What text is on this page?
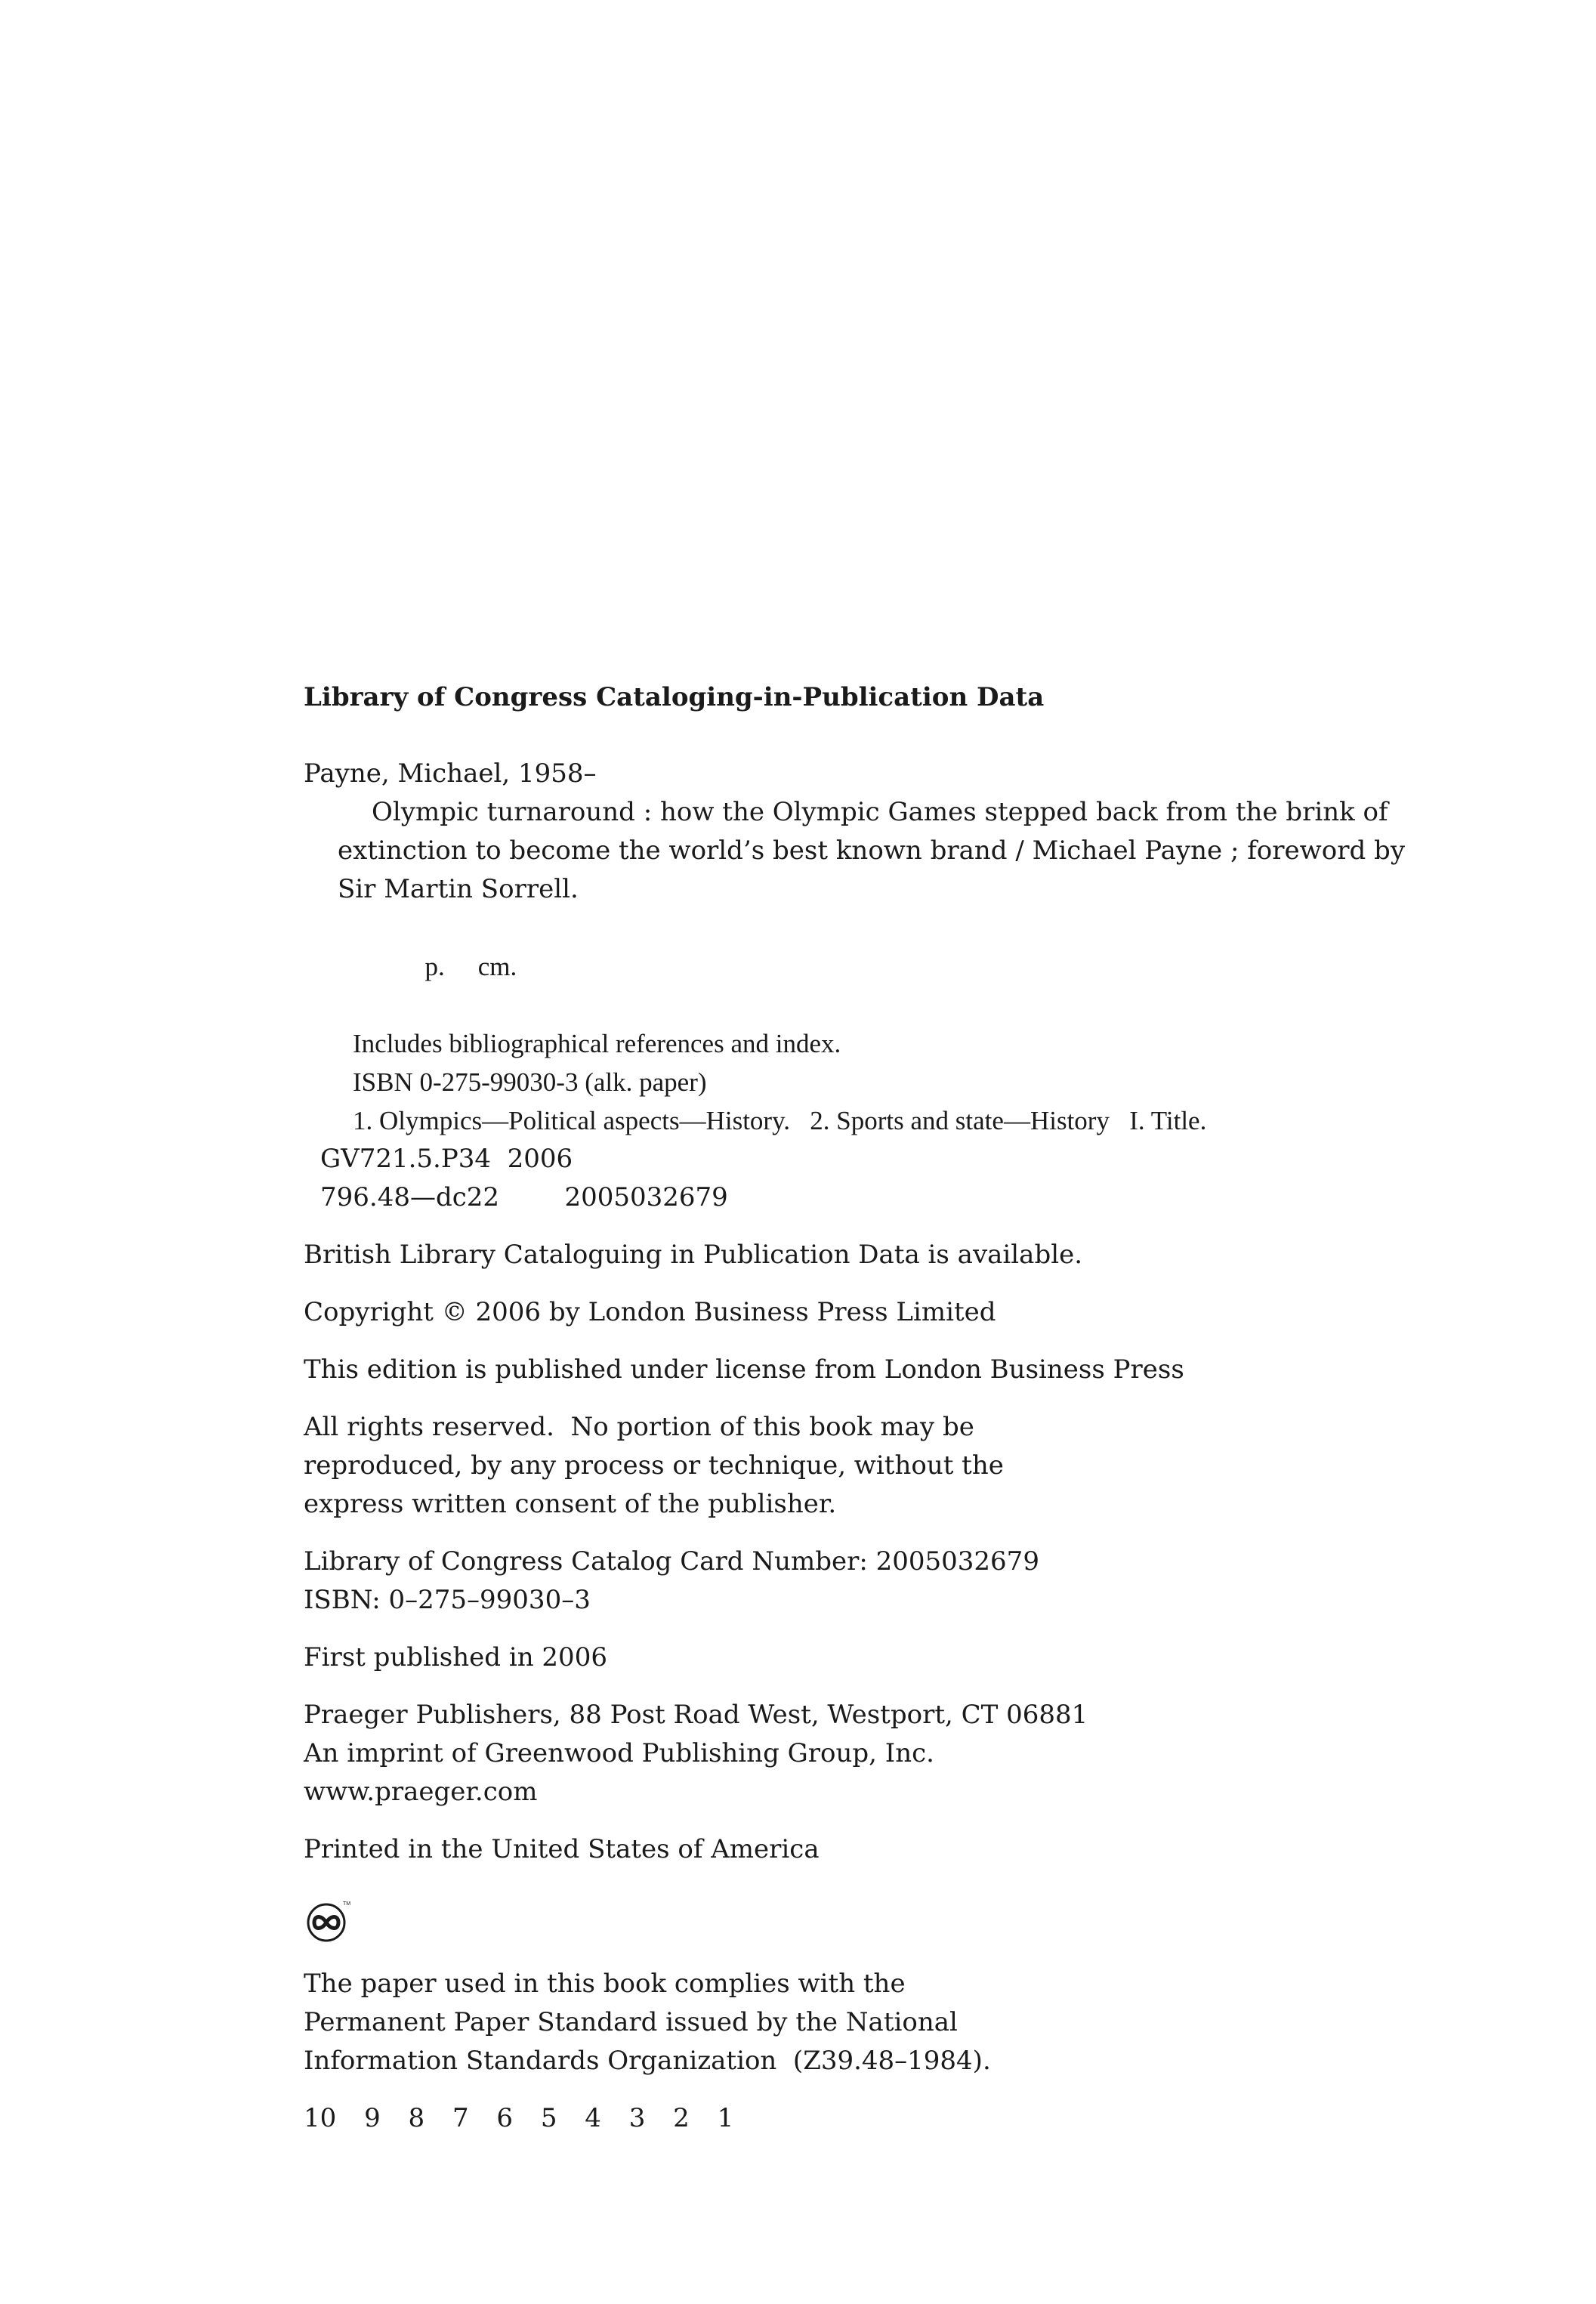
Library of Congress Cataloging-in-Publication Data
Payne, Michael, 1958–
Olympic turnaround : how the Olympic Games stepped back from the brink of
extinction to become the world’s best known brand / Michael Payne ; foreword by
Sir Martin Sorrell.

p. cm.

Includes bibliographical references and index.
ISBN 0-275-99030-3 (alk. paper)
1. Olympics—Political aspects—History.   2. Sports and state—History   I. Title.
GV721.5.P34  2006
796.48—dc22        2005032679
British Library Cataloguing in Publication Data is available.
Copyright © 2006 by London Business Press Limited
This edition is published under license from London Business Press
All rights reserved.  No portion of this book may be
reproduced, by any process or technique, without the
express written consent of the publisher.
Library of Congress Catalog Card Number: 2005032679
ISBN: 0–275–99030–3
First published in 2006
Praeger Publishers, 88 Post Road West, Westport, CT 06881
An imprint of Greenwood Publishing Group, Inc.
www.praeger.com
Printed in the United States of America
TM
The paper used in this book complies with the
Permanent Paper Standard issued by the National
Information Standards Organization  (Z39.48–1984).
10 9 8 7 6 5 4 3 2 1
